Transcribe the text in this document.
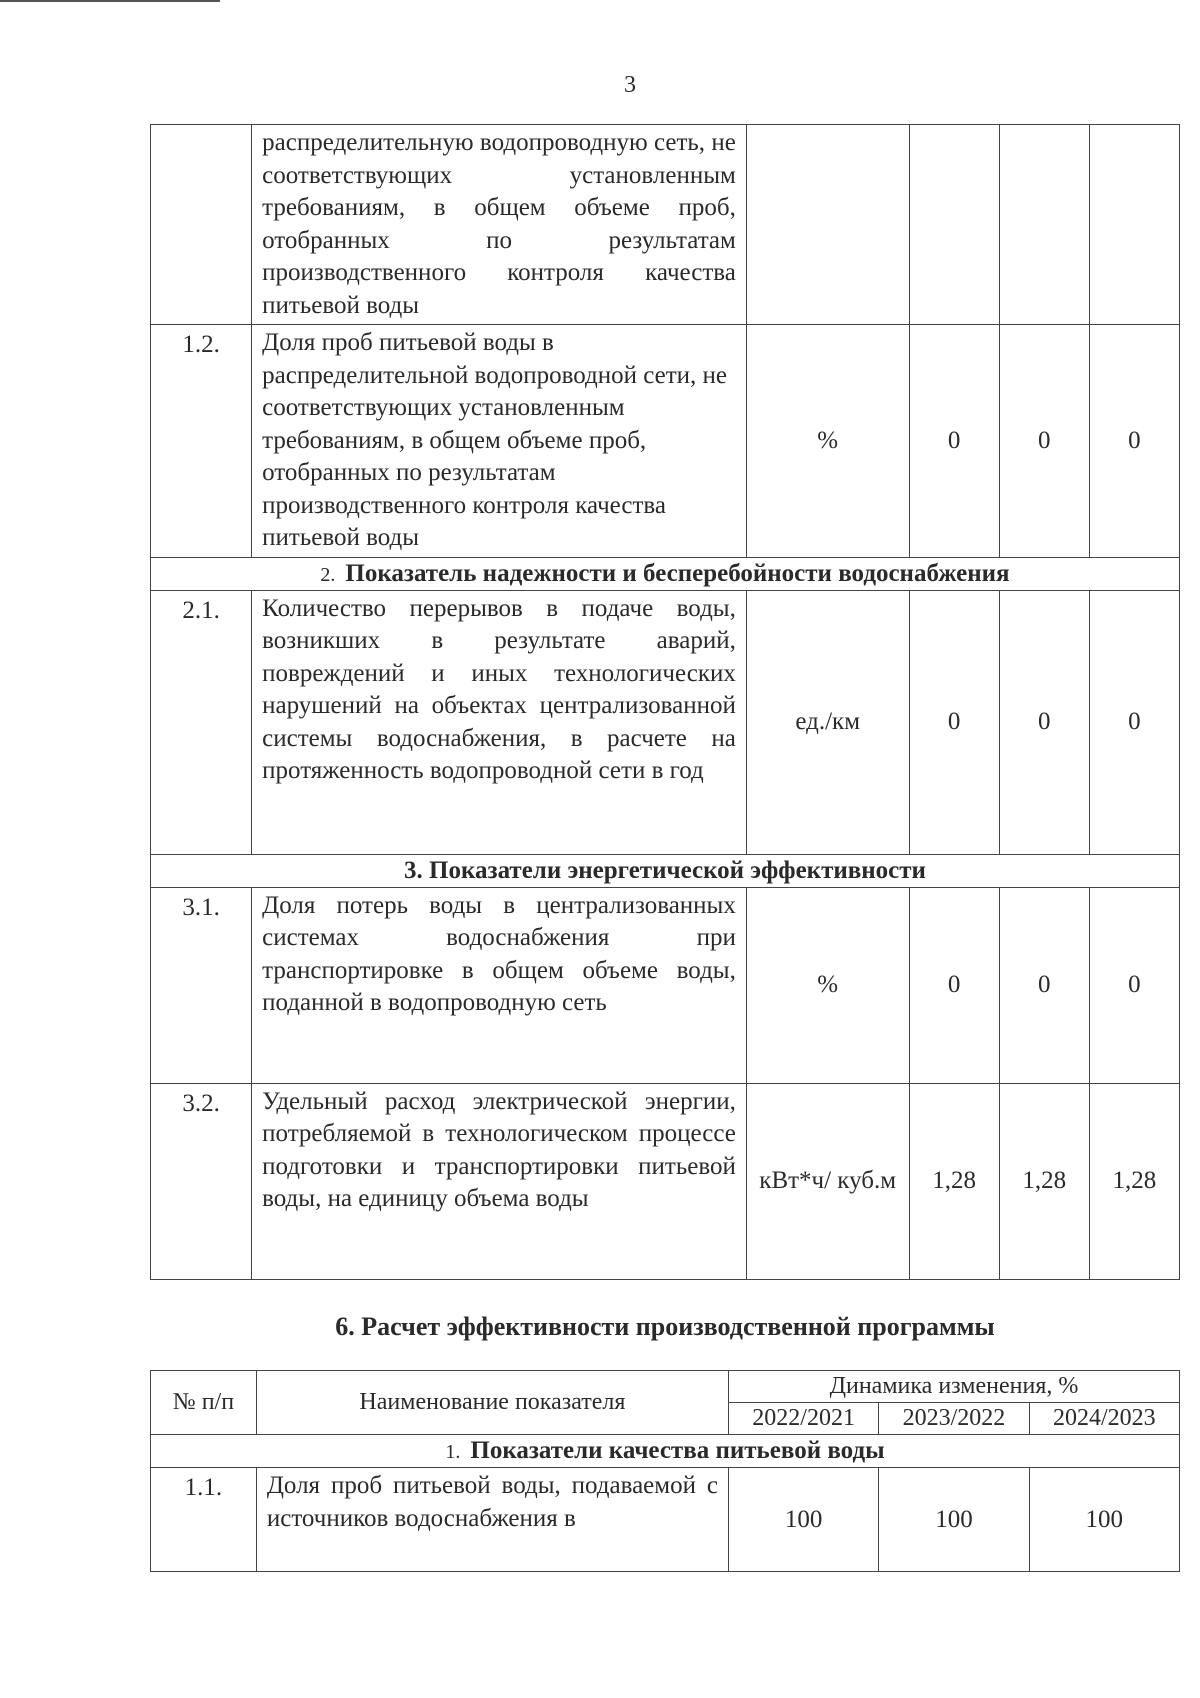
3
	распределительную водопроводную сеть, не соответствующих установленным требованиям, в общем объеме проб, отобранных по результатам производственного контроля качества питьевой воды				
1.2.	Доля проб питьевой воды в распределительной водопроводной сети, не соответствующих установленным требованиям, в общем объеме проб, отобранных по результатам производственного контроля качества питьевой воды	%	0	0	0
2. Показатель надежности и бесперебойности водоснабжения					
2.1.	Количество перерывов в подаче воды, возникших в результате аварий, повреждений и иных технологических нарушений на объектах централизованной системы водоснабжения, в расчете на протяженность водопроводной сети в год	ед./км	0	0	0
3. Показатели энергетической эффективности					
3.1.	Доля потерь воды в централизованных системах водоснабжения при транспортировке в общем объеме воды, поданной в водопроводную сеть	%	0	0	0
3.2.	Удельный расход электрической энергии, потребляемой в технологическом процессе подготовки и транспортировки питьевой воды, на единицу объема воды	кВт*ч/ куб.м	1,28	1,28	1,28
6. Расчет эффективности производственной программы
№ п/п	Наименование показателя	Динамика изменения, %		
		2022/2021	2023/2022	2024/2023
1. Показатели качества питьевой воды				
1.1.	Доля проб питьевой воды, подаваемой с источников водоснабжения в	100	100	100
